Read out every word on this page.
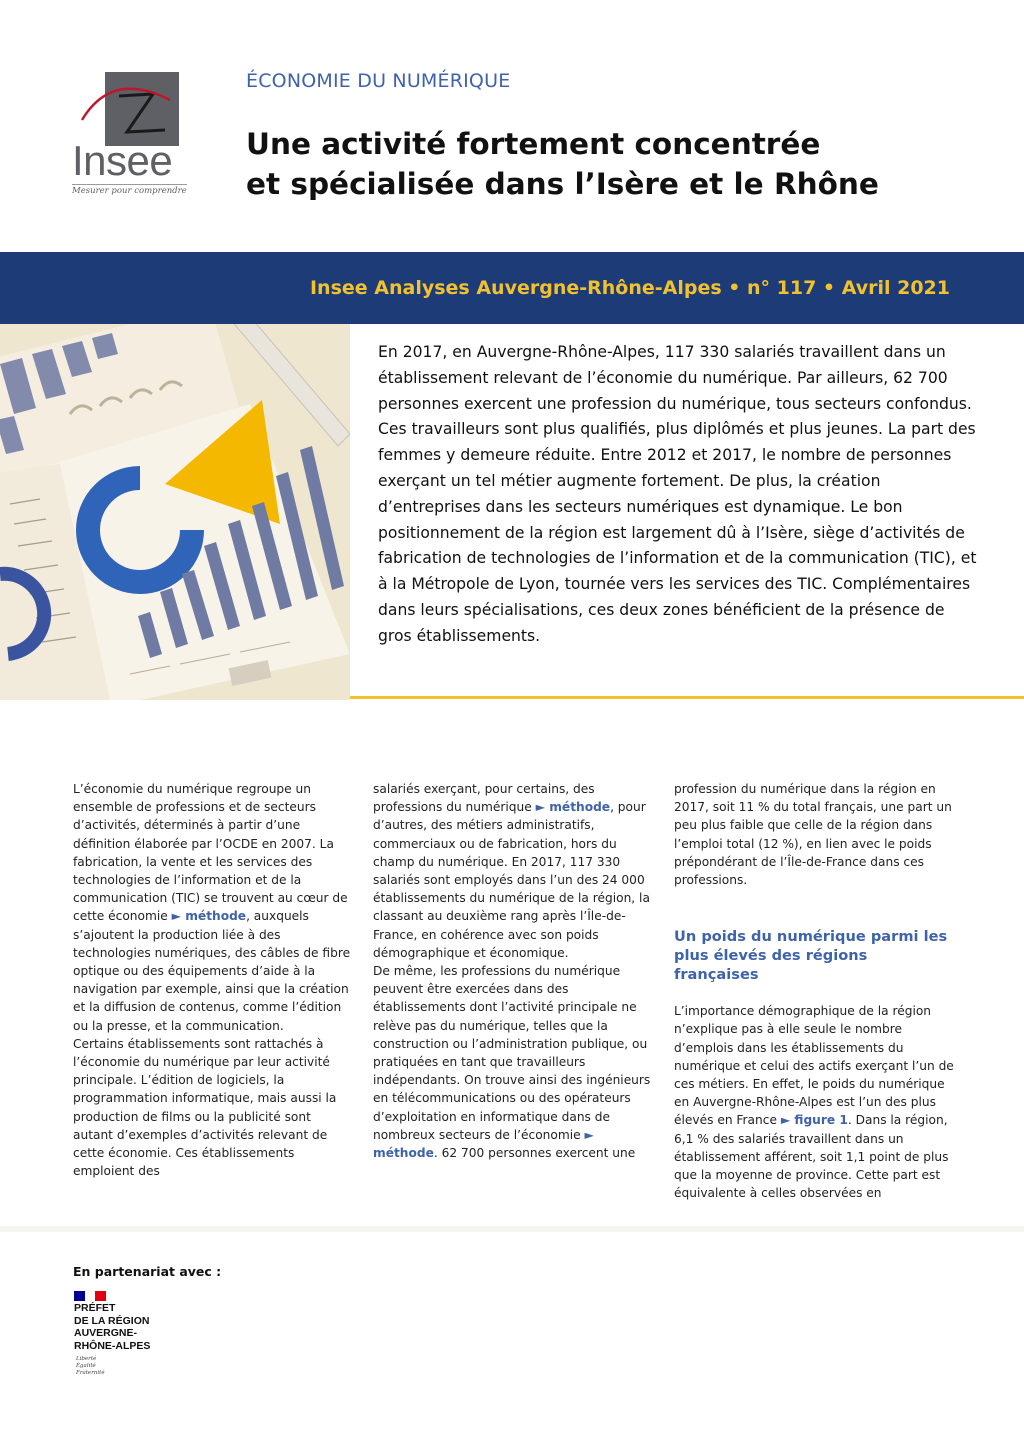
Insee
Mesurer pour comprendre
ÉCONOMIE DU NUMÉRIQUE
Une activité fortement concentrée
et spécialisée dans l’Isère et le Rhône
Insee Analyses Auvergne-Rhône-Alpes • n° 117 • Avril 2021

En 2017, en Auvergne-Rhône-Alpes, 117 330 salariés travaillent dans un établissement relevant de l’économie du numérique. Par ailleurs, 62 700 personnes exercent une profession du numérique, tous secteurs confondus. Ces travailleurs sont plus qualifiés, plus diplômés et plus jeunes. La part des femmes y demeure réduite. Entre 2012 et 2017, le nombre de personnes exerçant un tel métier augmente fortement. De plus, la création d’entreprises dans les secteurs numériques est dynamique. Le bon positionnement de la région est largement dû à l’Isère, siège d’activités de fabrication de technologies de l’information et de la communication (TIC), et à la Métropole de Lyon, tournée vers les services des TIC. Complémentaires dans leurs spécialisations, ces deux zones bénéficient de la présence de gros établissements.

L’économie du numérique regroupe un ensemble de professions et de secteurs d’activités, déterminés à partir d’une définition élaborée par l’OCDE en 2007. La fabrication, la vente et les services des technologies de l’information et de la communication (TIC) se trouvent au cœur de cette économie ► méthode, auxquels s’ajoutent la production liée à des technologies numériques, des câbles de fibre optique ou des équipements d’aide à la navigation par exemple, ainsi que la création et la diffusion de contenus, comme l’édition ou la presse, et la communication.

Certains établissements sont rattachés à l’économie du numérique par leur activité principale. L’édition de logiciels, la programmation informatique, mais aussi la production de films ou la publicité sont autant d’exemples d’activités relevant de cette économie. Ces établissements emploient des

salariés exerçant, pour certains, des professions du numérique ► méthode, pour d’autres, des métiers administratifs, commerciaux ou de fabrication, hors du champ du numérique. En 2017, 117 330 salariés sont employés dans l’un des 24 000 établissements du numérique de la région, la classant au deuxième rang après l’Île-de-France, en cohérence avec son poids démographique et économique.

De même, les professions du numérique peuvent être exercées dans des établissements dont l’activité principale ne relève pas du numérique, telles que la construction ou l’administration publique, ou pratiquées en tant que travailleurs indépendants. On trouve ainsi des ingénieurs en télécommunications ou des opérateurs d’exploitation en informatique dans de nombreux secteurs de l’économie ► méthode. 62 700 personnes exercent une

profession du numérique dans la région en 2017, soit 11 % du total français, une part un peu plus faible que celle de la région dans l’emploi total (12 %), en lien avec le poids prépondérant de l’Île-de-France dans ces professions.

Un poids du numérique parmi les plus élevés des régions françaises

L’importance démographique de la région n’explique pas à elle seule le nombre d’emplois dans les établissements du numérique et celui des actifs exerçant l’un de ces métiers. En effet, le poids du numérique en Auvergne-Rhône-Alpes est l’un des plus élevés en France ► figure 1. Dans la région, 6,1 % des salariés travaillent dans un établissement afférent, soit 1,1 point de plus que la moyenne de province. Cette part est équivalente à celles observées en

En partenariat avec :
PRÉFET
DE LA RÉGION
AUVERGNE-
RHÔNE-ALPES
Liberté
Égalité
Fraternité
